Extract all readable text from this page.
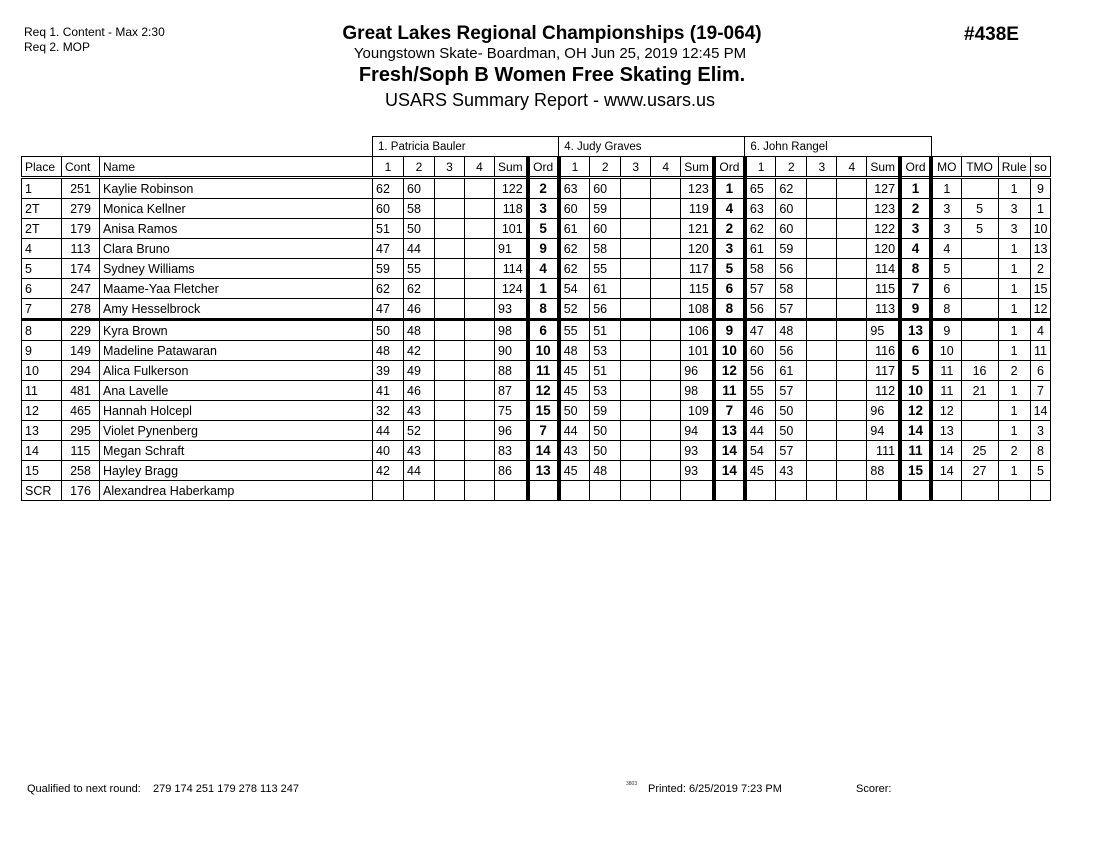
Req 1. Content - Max 2:30
Req 2. MOP
Great Lakes Regional Championships (19-064)
Youngstown Skate- Boardman, OH Jun 25, 2019 12:45 PM
Fresh/Soph B Women Free Skating Elim.
USARS Summary Report - www.usars.us
#438E
			1. Patricia Bauler						4. Judy Graves						6. John Rangel									
Place	Cont	Name	1	2	3	4	Sum	Ord	1	2	3	4	Sum	Ord	1	2	3	4	Sum	Ord	MO	TMO	Rule	so
1	251	Kaylie Robinson	62	60			122	2	63	60			123	1	65	62			127	1	1		1	9
2T	279	Monica Kellner	60	58			118	3	60	59			119	4	63	60			123	2	3	5	3	1
2T	179	Anisa Ramos	51	50			101	5	61	60			121	2	62	60			122	3	3	5	3	10
4	113	Clara Bruno	47	44			91	9	62	58			120	3	61	59			120	4	4		1	13
5	174	Sydney Williams	59	55			114	4	62	55			117	5	58	56			114	8	5		1	2
6	247	Maame-Yaa Fletcher	62	62			124	1	54	61			115	6	57	58			115	7	6		1	15
7	278	Amy Hesselbrock	47	46			93	8	52	56			108	8	56	57			113	9	8		1	12
8	229	Kyra Brown	50	48			98	6	55	51			106	9	47	48			95	13	9		1	4
9	149	Madeline Patawaran	48	42			90	10	48	53			101	10	60	56			116	6	10		1	11
10	294	Alica Fulkerson	39	49			88	11	45	51			96	12	56	61			117	5	11	16	2	6
11	481	Ana Lavelle	41	46			87	12	45	53			98	11	55	57			112	10	11	21	1	7
12	465	Hannah Holcepl	32	43			75	15	50	59			109	7	46	50			96	12	12		1	14
13	295	Violet Pynenberg	44	52			96	7	44	50			94	13	44	50			94	14	13		1	3
14	115	Megan Schraft	40	43			83	14	43	50			93	14	54	57			111	11	14	25	2	8
15	258	Hayley Bragg	42	44			86	13	45	48			93	14	45	43			88	15	14	27	1	5
SCR	176	Alexandrea Haberkamp																						
Qualified to next round: 279 174 251 179 278 113 247	3803 Printed: 6/25/2019 7:23 PM	Scorer:
